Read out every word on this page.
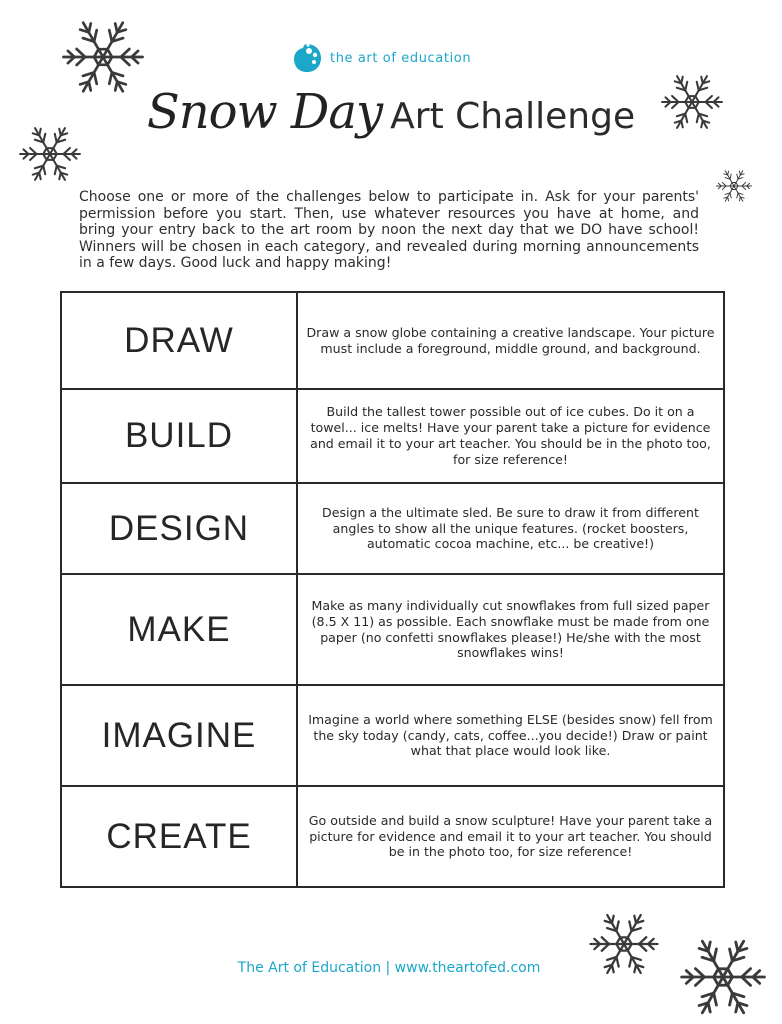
the art of education
Snow Day Art Challenge
Choose one or more of the challenges below to participate in. Ask for your parents' permission before you start. Then, use whatever resources you have at home, and bring your entry back to the art room by noon the next day that we DO have school! Winners will be chosen in each category, and revealed during morning announcements in a few days. Good luck and happy making!
DRAW	Draw a snow globe containing a creative landscape. Your picture must include a foreground, middle ground, and background.
BUILD	Build the tallest tower possible out of ice cubes. Do it on a towel... ice melts! Have your parent take a picture for evidence and email it to your art teacher. You should be in the photo too, for size reference!
DESIGN	Design a the ultimate sled. Be sure to draw it from different angles to show all the unique features. (rocket boosters, automatic cocoa machine, etc... be creative!)
MAKE	Make as many individually cut snowflakes from full sized paper (8.5 X 11) as possible. Each snowflake must be made from one paper (no confetti snowflakes please!) He/she with the most snowflakes wins!
IMAGINE	Imagine a world where something ELSE (besides snow) fell from the sky today (candy, cats, coffee...you decide!) Draw or paint what that place would look like.
CREATE	Go outside and build a snow sculpture! Have your parent take a picture for evidence and email it to your art teacher. You should be in the photo too, for size reference!
The Art of Education | www.theartofed.com
